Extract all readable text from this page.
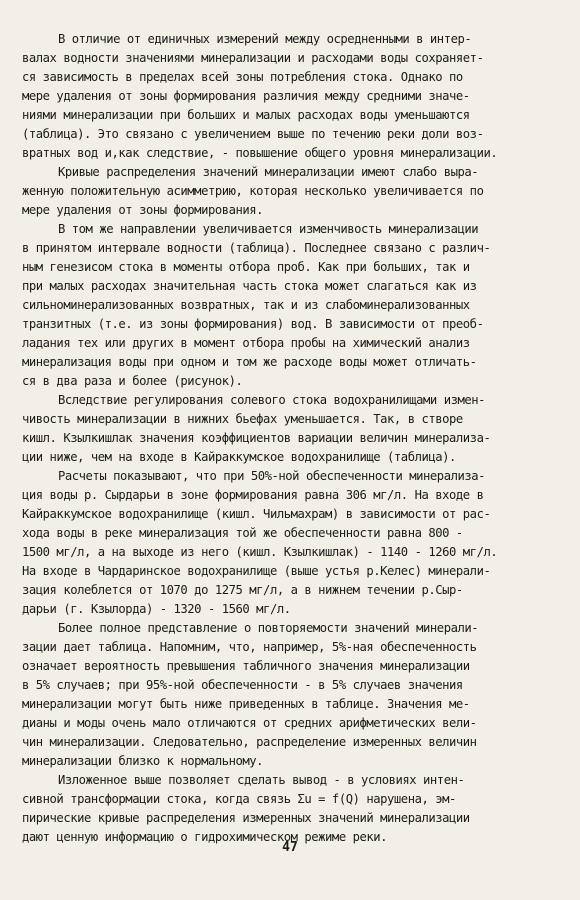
В отличие от единичных измерений между осредненными в интер-
валах водности значениями минерализации и расходами воды сохраняет-
ся зависимость в пределах всей зоны потребления стока. Однако по
мере удаления от зоны формирования различия между средними значе-
ниями минерализации при больших и малых расходах воды уменьшаются
(таблица). Это связано с увеличением выше по течению реки доли воз-
вратных вод и,как следствие, - повышение общего уровня минерализации.
Кривые распределения значений минерализации имеют слабо выра-
женную положительную асимметрию, которая несколько увеличивается по
мере удаления от зоны формирования.
В том же направлении увеличивается изменчивость минерализации
в принятом интервале водности (таблица). Последнее связано с различ-
ным генезисом стока в моменты отбора проб. Как при больших, так и
при малых расходах значительная часть стока может слагаться как из
сильноминерализованных возвратных, так и из слабоминерализованных
транзитных (т.е. из зоны формирования) вод. В зависимости от преоб-
ладания тех или других в момент отбора пробы на химический анализ
минерализация воды при одном и том же расходе воды может отличать-
ся в два раза и более (рисунок).
Вследствие регулирования солевого стока водохранилищами измен-
чивость минерализации в нижних бьефах уменьшается. Так, в створе
кишл. Кзылкишлак значения коэффициентов вариации величин минерализа-
ции ниже, чем на входе в Кайраккумское водохранилище (таблица).
Расчеты показывают, что при 50%-ной обеспеченности минерализа-
ция воды р. Сырдарьи в зоне формирования равна 306 мг/л. На входе в
Кайраккумское водохранилище (кишл. Чильмахрам) в зависимости от рас-
хода воды в реке минерализация той же обеспеченности равна 800 -
1500 мг/л, а на выходе из него (кишл. Кзылкишлак) - 1140 - 1260 мг/л.
На входе в Чардаринское водохранилище (выше устья р.Келес) минерали-
зация колеблется от 1070 до 1275 мг/л, а в нижнем течении р.Сыр-
дарьи (г. Кзылорда) - 1320 - 1560 мг/л.
Более полное представление о повторяемости значений минерали-
зации дает таблица. Напомним, что, например, 5%-ная обеспеченность
означает вероятность превышения табличного значения минерализации
в 5% случаев; при 95%-ной обеспеченности - в 5% случаев значения
минерализации могут быть ниже приведенных в таблице. Значения ме-
дианы и моды очень мало отличаются от средних арифметических вели-
чин минерализации. Следовательно, распределение измеренных величин
минерализации близко к нормальному.
Изложенное выше позволяет сделать вывод - в условиях интен-
сивной трансформации стока, когда связь Σu = f(Q) нарушена, эм-
пирические кривые распределения измеренных значений минерализации
дают ценную информацию о гидрохимическом режиме реки.
47
